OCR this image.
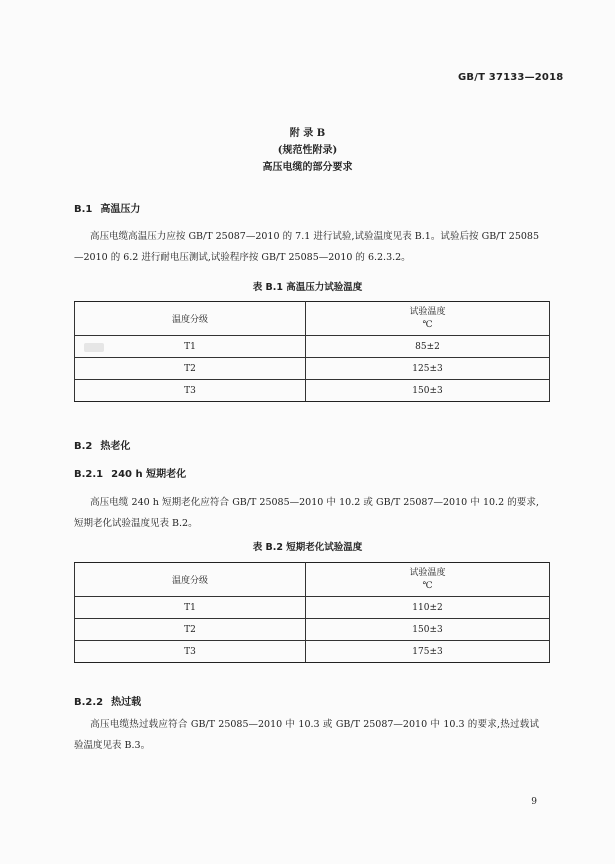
GB/T 37133—2018
附 录 B
(规范性附录)
高压电缆的部分要求
B.1 高温压力
高压电缆高温压力应按 GB/T 25087—2010 的 7.1 进行试验,试验温度见表 B.1。试验后按 GB/T 25085—2010 的 6.2 进行耐电压测试,试验程序按 GB/T 25085—2010 的 6.2.3.2。
表 B.1 高温压力试验温度
温度分级	试验温度
℃

T1	85±2
T2	125±3
T3	150±3
B.2 热老化
B.2.1 240 h 短期老化
高压电缆 240 h 短期老化应符合 GB/T 25085—2010 中 10.2 或 GB/T 25087—2010 中 10.2 的要求,短期老化试验温度见表 B.2。
表 B.2 短期老化试验温度
温度分级	试验温度
℃

T1	110±2
T2	150±3
T3	175±3
B.2.2 热过载
高压电缆热过载应符合 GB/T 25085—2010 中 10.3 或 GB/T 25087—2010 中 10.3 的要求,热过载试验温度见表 B.3。
9
